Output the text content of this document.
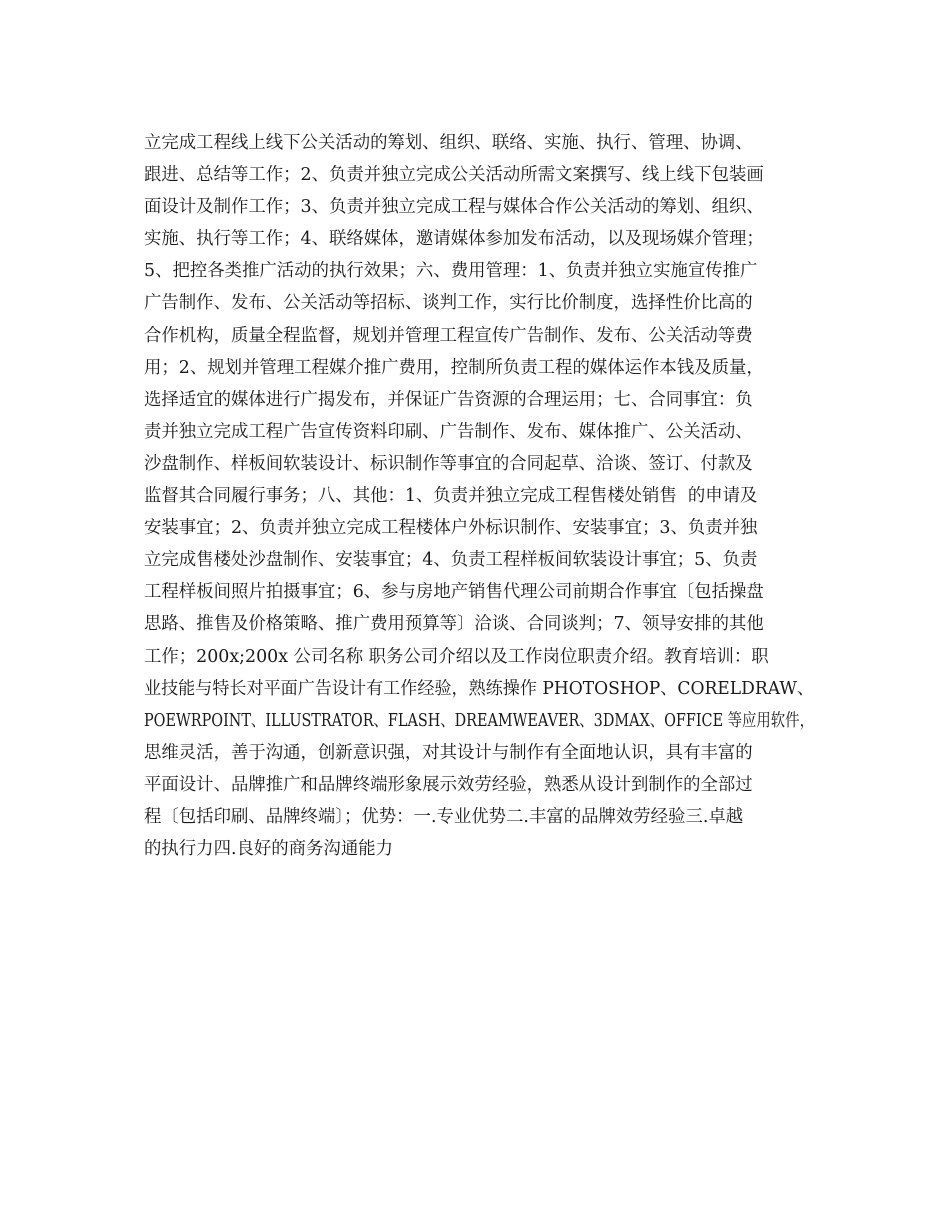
立完成工程线上线下公关活动的筹划、组织、联络、实施、执行、管理、协调、
跟进、总结等工作；2、负责并独立完成公关活动所需文案撰写、线上线下包装画
面设计及制作工作；3、负责并独立完成工程与媒体合作公关活动的筹划、组织、
实施、执行等工作；4、联络媒体，邀请媒体参加发布活动，以及现场媒介管理；
5、把控各类推广活动的执行效果；六、费用管理：1、负责并独立实施宣传推广
广告制作、发布、公关活动等招标、谈判工作，实行比价制度，选择性价比高的
合作机构，质量全程监督，规划并管理工程宣传广告制作、发布、公关活动等费
用；2、规划并管理工程媒介推广费用，控制所负责工程的媒体运作本钱及质量，
选择适宜的媒体进行广揭发布，并保证广告资源的合理运用；七、合同事宜：负
责并独立完成工程广告宣传资料印刷、广告制作、发布、媒体推广、公关活动、
沙盘制作、样板间软装设计、标识制作等事宜的合同起草、洽谈、签订、付款及
监督其合同履行事务；八、其他：1、负责并独立完成工程售楼处销售  的申请及
安装事宜；2、负责并独立完成工程楼体户外标识制作、安装事宜；3、负责并独
立完成售楼处沙盘制作、安装事宜；4、负责工程样板间软装设计事宜；5、负责
工程样板间照片拍摄事宜；6、参与房地产销售代理公司前期合作事宜〔包括操盘
思路、推售及价格策略、推广费用预算等〕洽谈、合同谈判；7、领导安排的其他
工作；200x;200x 公司名称 职务公司介绍以及工作岗位职责介绍。教育培训：职
业技能与特长对平面广告设计有工作经验，熟练操作 PHOTOSHOP、CORELDRAW、
POEWRPOINT、ILLUSTRATOR、FLASH、DREAMWEAVER、3DMAX、OFFICE 等应用软件，
思维灵活，善于沟通，创新意识强，对其设计与制作有全面地认识，具有丰富的
平面设计、品牌推广和品牌终端形象展示效劳经验，熟悉从设计到制作的全部过
程〔包括印刷、品牌终端〕；优势：一.专业优势二.丰富的品牌效劳经验三.卓越
的执行力四.良好的商务沟通能力
